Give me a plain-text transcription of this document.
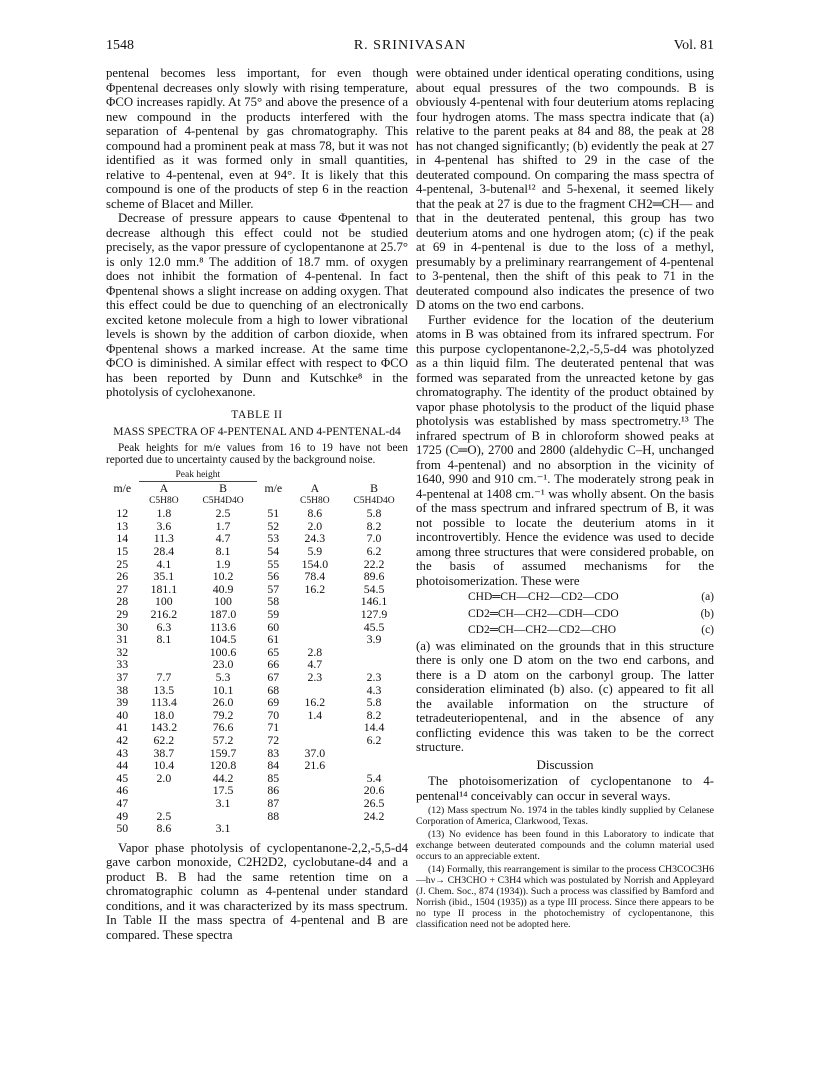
1548	R. SRINIVASAN	Vol. 81

pentenal becomes less important, for even though Φpentenal decreases only slowly with rising temperature, ΦCO increases rapidly. At 75° and above the presence of a new compound in the products interfered with the separation of 4-pentenal by gas chromatography. This compound had a prominent peak at mass 78, but it was not identified as it was formed only in small quantities, relative to 4-pentenal, even at 94°. It is likely that this compound is one of the products of step 6 in the reaction scheme of Blacet and Miller.

Decrease of pressure appears to cause Φpentenal to decrease although this effect could not be studied precisely, as the vapor pressure of cyclopentanone at 25.7° is only 12.0 mm.⁸ The addition of 18.7 mm. of oxygen does not inhibit the formation of 4-pentenal. In fact Φpentenal shows a slight increase on adding oxygen. That this effect could be due to quenching of an electronically excited ketone molecule from a high to lower vibrational levels is shown by the addition of carbon dioxide, when Φpentenal shows a marked increase. At the same time ΦCO is diminished. A similar effect with respect to ΦCO has been reported by Dunn and Kutschke⁸ in the photolysis of cyclohexanone.

TABLE II
MASS SPECTRA OF 4-PENTENAL AND 4-PENTENAL-d4
Peak heights for m/e values from 16 to 19 have not been reported due to uncertainty caused by the background noise.
	Peak height				
m/e	A	B	m/e	A	B
	C5H8O	C5H4D4O		C5H8O	C5H4D4O
12	1.8	2.5	51	8.6	5.8
13	3.6	1.7	52	2.0	8.2
14	11.3	4.7	53	24.3	7.0
15	28.4	8.1	54	5.9	6.2
25	4.1	1.9	55	154.0	22.2
26	35.1	10.2	56	78.4	89.6
27	181.1	40.9	57	16.2	54.5
28	100	100	58		146.1
29	216.2	187.0	59		127.9
30	6.3	113.6	60		45.5
31	8.1	104.5	61		3.9
32		100.6	65	2.8	
33		23.0	66	4.7	
37	7.7	5.3	67	2.3	2.3
38	13.5	10.1	68		4.3
39	113.4	26.0	69	16.2	5.8
40	18.0	79.2	70	1.4	8.2
41	143.2	76.6	71		14.4
42	62.2	57.2	72		6.2
43	38.7	159.7	83	37.0	
44	10.4	120.8	84	21.6	
45	2.0	44.2	85		5.4
46		17.5	86		20.6
47		3.1	87		26.5
49	2.5		88		24.2
50	8.6	3.1			

Vapor phase photolysis of cyclopentanone-2,2,-5,5-d4 gave carbon monoxide, C2H2D2, cyclobutane-d4 and a product B. B had the same retention time on a chromatographic column as 4-pentenal under standard conditions, and it was characterized by its mass spectrum. In Table II the mass spectra of 4-pentenal and B are compared. These spectra

were obtained under identical operating conditions, using about equal pressures of the two compounds. B is obviously 4-pentenal with four deuterium atoms replacing four hydrogen atoms. The mass spectra indicate that (a) relative to the parent peaks at 84 and 88, the peak at 28 has not changed significantly; (b) evidently the peak at 27 in 4-pentenal has shifted to 29 in the case of the deuterated compound. On comparing the mass spectra of 4-pentenal, 3-butenal¹² and 5-hexenal, it seemed likely that the peak at 27 is due to the fragment CH2═CH— and that in the deuterated pentenal, this group has two deuterium atoms and one hydrogen atom; (c) if the peak at 69 in 4-pentenal is due to the loss of a methyl, presumably by a preliminary rearrangement of 4-pentenal to 3-pentenal, then the shift of this peak to 71 in the deuterated compound also indicates the presence of two D atoms on the two end carbons.

Further evidence for the location of the deuterium atoms in B was obtained from its infrared spectrum. For this purpose cyclopentanone-2,2,-5,5-d4 was photolyzed as a thin liquid film. The deuterated pentenal that was formed was separated from the unreacted ketone by gas chromatography. The identity of the product obtained by vapor phase photolysis to the product of the liquid phase photolysis was established by mass spectrometry.¹³ The infrared spectrum of B in chloroform showed peaks at 1725 (C═O), 2700 and 2800 (aldehydic C–H, unchanged from 4-pentenal) and no absorption in the vicinity of 1640, 990 and 910 cm.⁻¹. The moderately strong peak in 4-pentenal at 1408 cm.⁻¹ was wholly absent. On the basis of the mass spectrum and infrared spectrum of B, it was not possible to locate the deuterium atoms in it incontrovertibly. Hence the evidence was used to decide among three structures that were considered probable, on the basis of assumed mechanisms for the photoisomerization. These were

CHD═CH—CH2—CD2—CDO	(a)
CD2═CH—CH2—CDH—CDO	(b)
CD2═CH—CH2—CD2—CHO	(c)

(a) was eliminated on the grounds that in this structure there is only one D atom on the two end carbons, and there is a D atom on the carbonyl group. The latter consideration eliminated (b) also. (c) appeared to fit all the available information on the structure of tetradeuteriopentenal, and in the absence of any conflicting evidence this was taken to be the correct structure.

Discussion

The photoisomerization of cyclopentanone to 4-pentenal¹⁴ conceivably can occur in several ways.

(12) Mass spectrum No. 1974 in the tables kindly supplied by Celanese Corporation of America, Clarkwood, Texas.
(13) No evidence has been found in this Laboratory to indicate that exchange between deuterated compounds and the column material used occurs to an appreciable extent.
(14) Formally, this rearrangement is similar to the process CH3COC3H6 —hν→ CH3CHO + C3H4 which was postulated by Norrish and Appleyard (J. Chem. Soc., 874 (1934)). Such a process was classified by Bamford and Norrish (ibid., 1504 (1935)) as a type III process. Since there appears to be no type II process in the photochemistry of cyclopentanone, this classification need not be adopted here.
